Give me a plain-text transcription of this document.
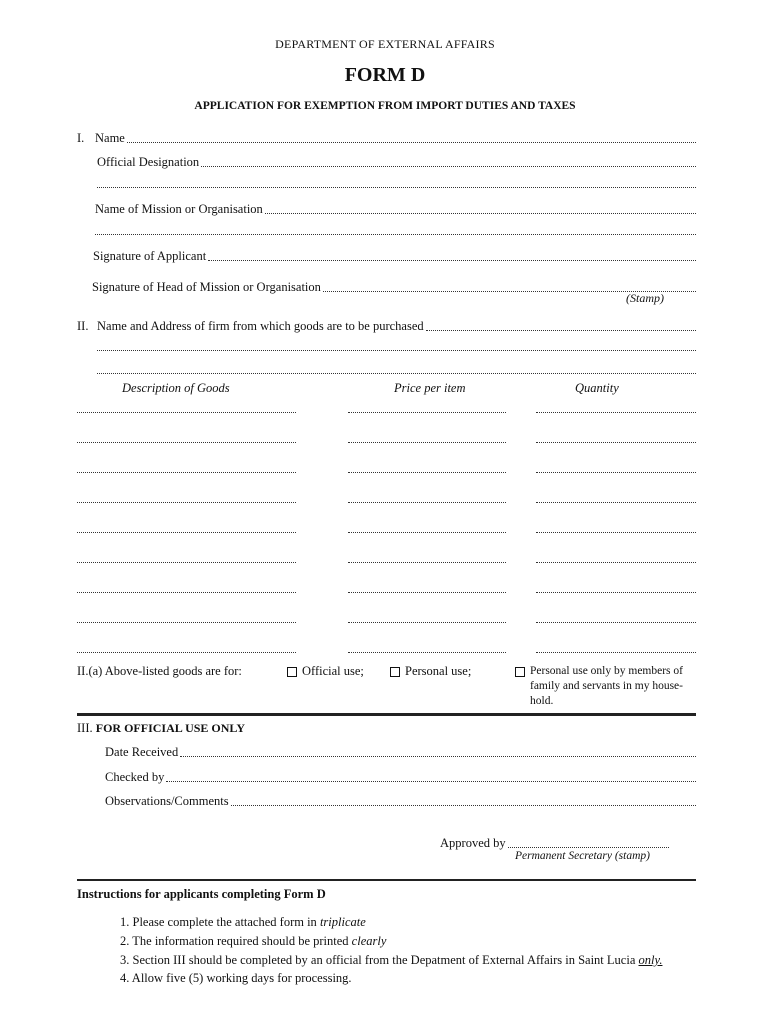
DEPARTMENT OF EXTERNAL AFFAIRS
FORM D
APPLICATION FOR EXEMPTION FROM IMPORT DUTIES AND TAXES
I. Name
Official Designation
Name of Mission or Organisation
Signature of Applicant
Signature of Head of Mission or Organisation
(Stamp)
II. Name and Address of firm from which goods are to be purchased
Description of Goods	Price per item	Quantity
II.(a) Above-listed goods are for:	Official use;	Personal use;	Personal use only by members of
family and servants in my house-
hold.
III. FOR OFFICIAL USE ONLY
Date Received
Checked by
Observations/Comments
Approved by
Permanent Secretary (stamp)
Instructions for applicants completing Form D
1. Please complete the attached form in triplicate
2. The information required should be printed clearly
3. Section III should be completed by an official from the Depatment of External Affairs in Saint Lucia only.
4. Allow five (5) working days for processing.
